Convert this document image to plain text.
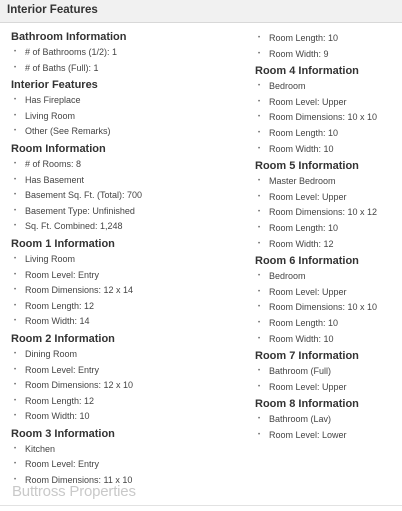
Interior Features
Bathroom Information
• # of Bathrooms (1/2): 1
• # of Baths (Full): 1
Interior Features
• Has Fireplace
• Living Room
• Other (See Remarks)
Room Information
• # of Rooms: 8
• Has Basement
• Basement Sq. Ft. (Total): 700
• Basement Type: Unfinished
• Sq. Ft. Combined: 1,248
Room 1 Information
• Living Room
• Room Level: Entry
• Room Dimensions: 12 x 14
• Room Length: 12
• Room Width: 14
Room 2 Information
• Dining Room
• Room Level: Entry
• Room Dimensions: 12 x 10
• Room Length: 12
• Room Width: 10
Room 3 Information
• Kitchen
• Room Level: Entry
• Room Dimensions: 11 x 10
• Room Length: 10
• Room Width: 9
Room 4 Information
• Bedroom
• Room Level: Upper
• Room Dimensions: 10 x 10
• Room Length: 10
• Room Width: 10
Room 5 Information
• Master Bedroom
• Room Level: Upper
• Room Dimensions: 10 x 12
• Room Length: 10
• Room Width: 12
Room 6 Information
• Bedroom
• Room Level: Upper
• Room Dimensions: 10 x 10
• Room Length: 10
• Room Width: 10
Room 7 Information
• Bathroom (Full)
• Room Level: Upper
Room 8 Information
• Bathroom (Lav)
• Room Level: Lower
Buttross Properties
